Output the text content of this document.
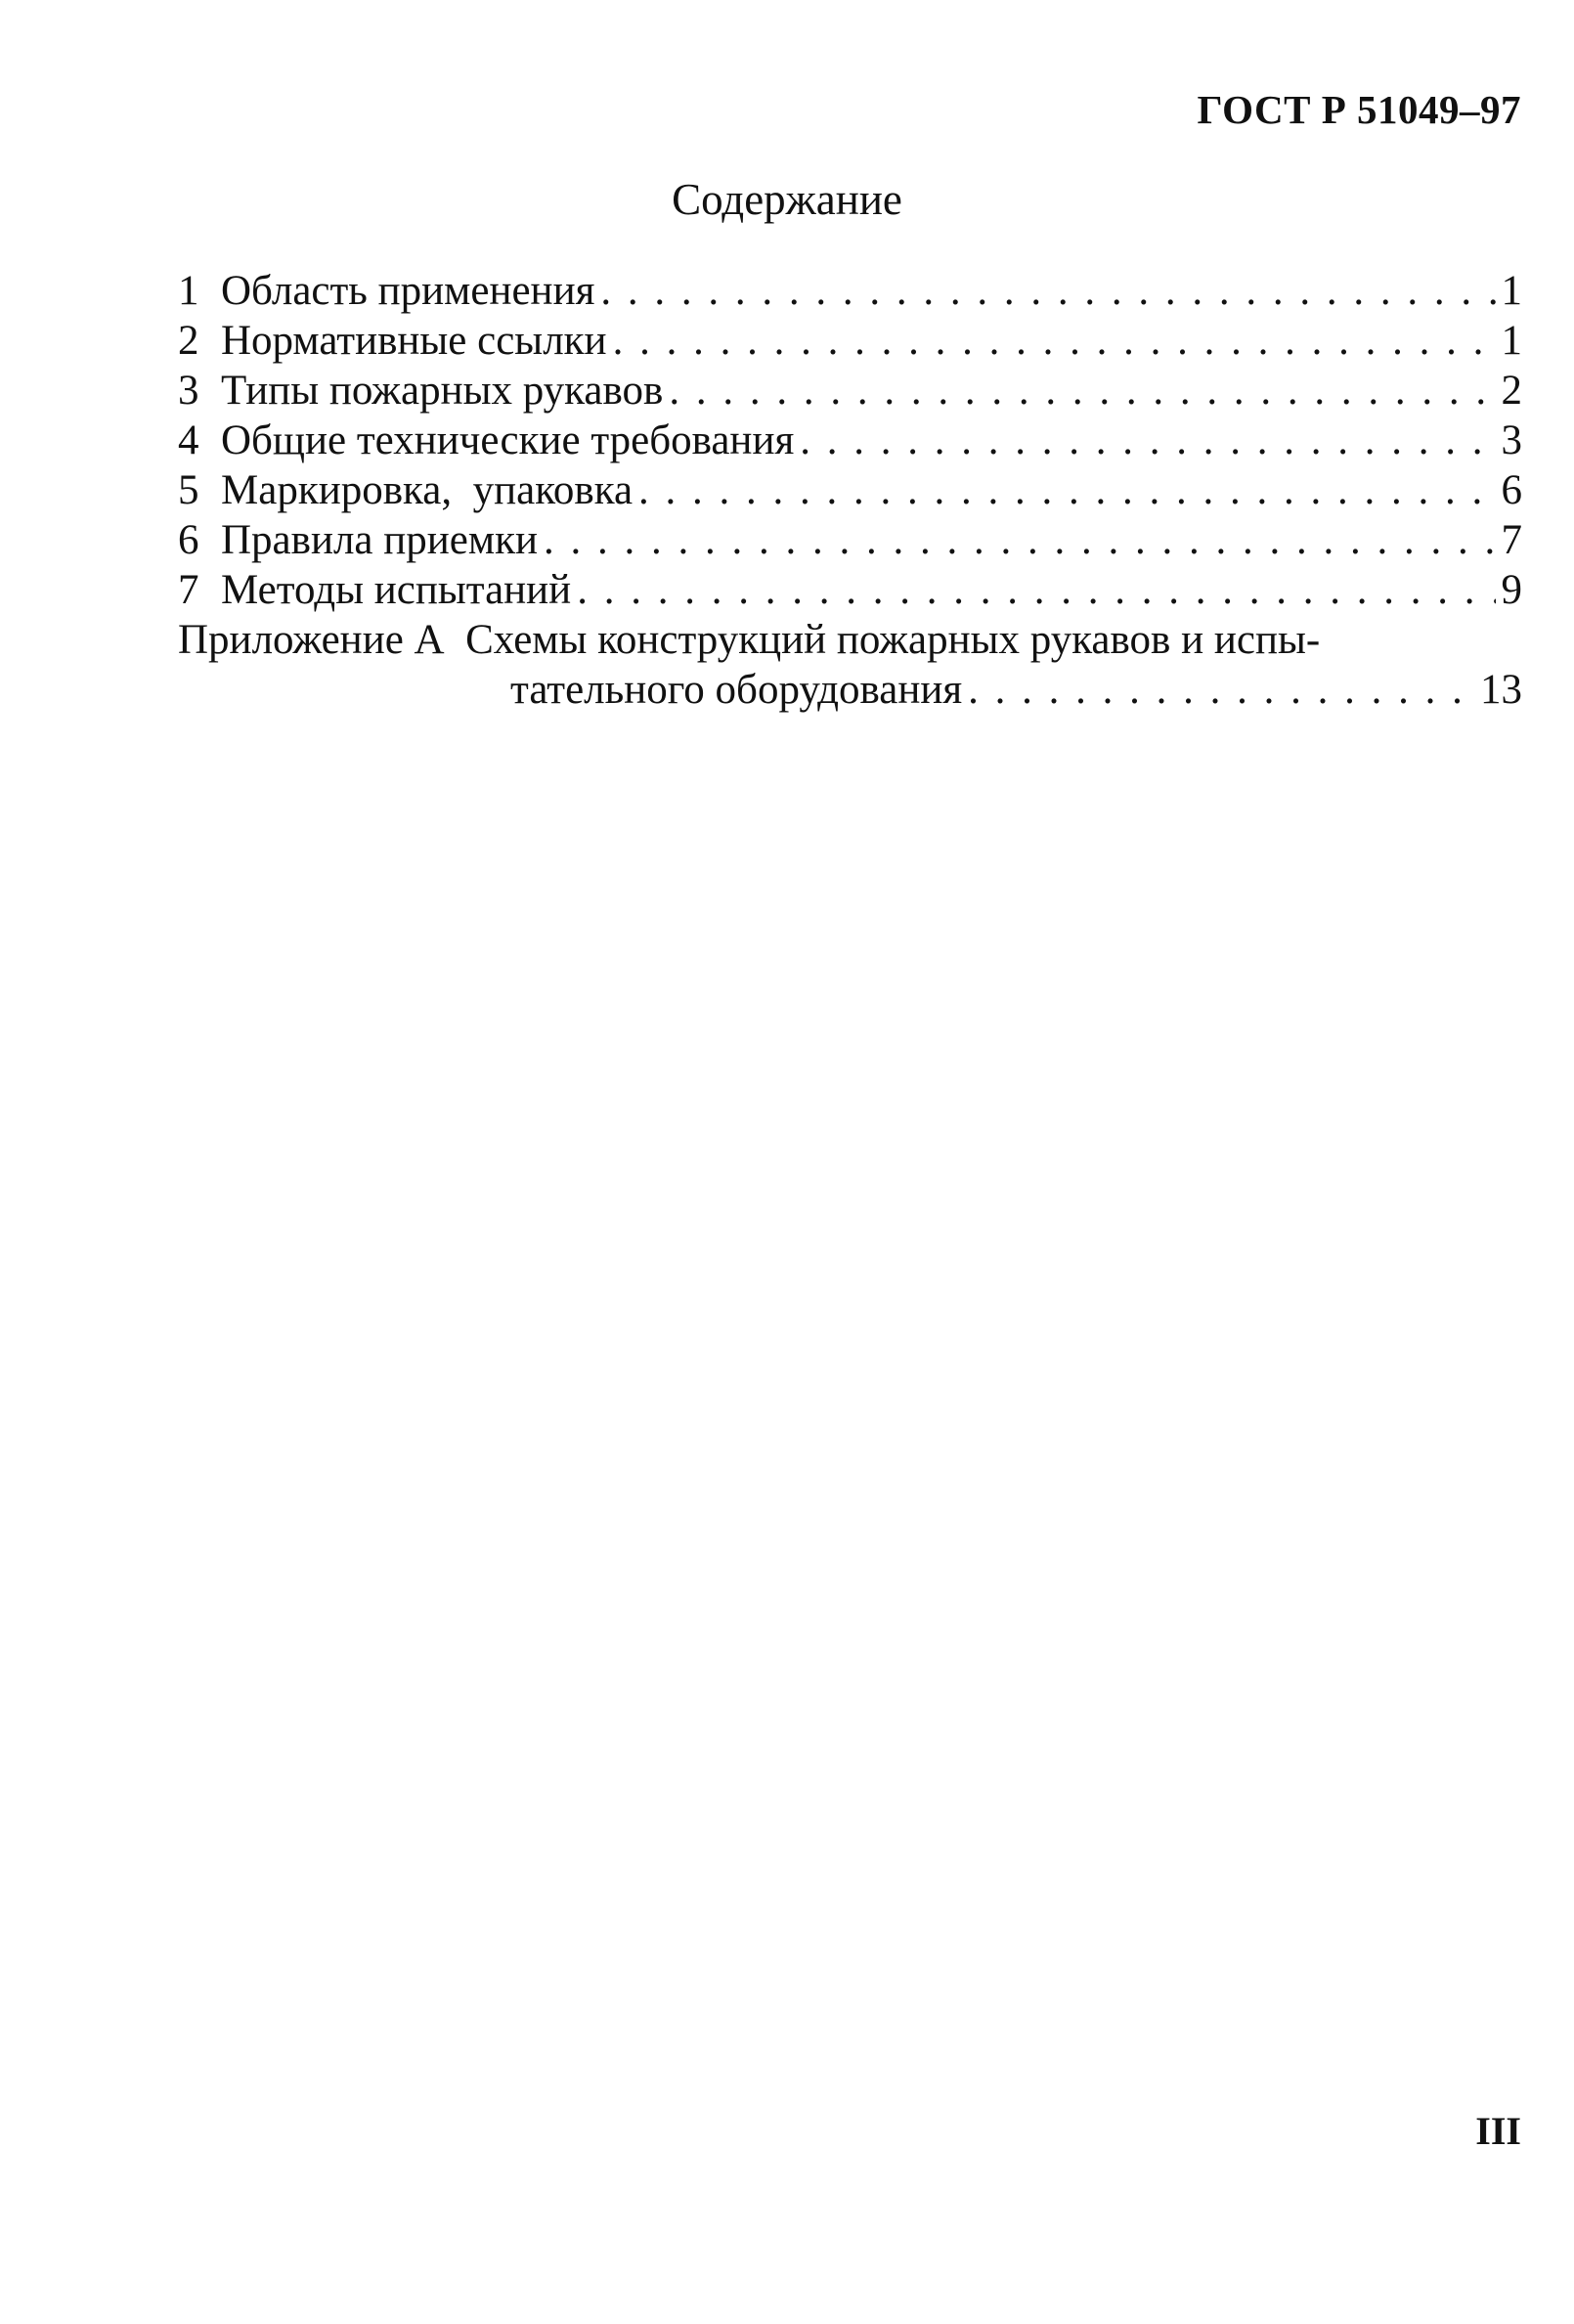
ГОСТ Р 51049–97
Содержание
1 Область применения . . .	1
2 Нормативные ссылки . . .	1
3 Типы пожарных рукавов . . .	2
4 Общие технические требования . . .	3
5 Маркировка,  упаковка . . .	6
6 Правила приемки . . .	7
7 Методы испытаний . . .	9
Приложение А  Схемы конструкций пожарных рукавов и испы-
тательного оборудования . . .	13
III
